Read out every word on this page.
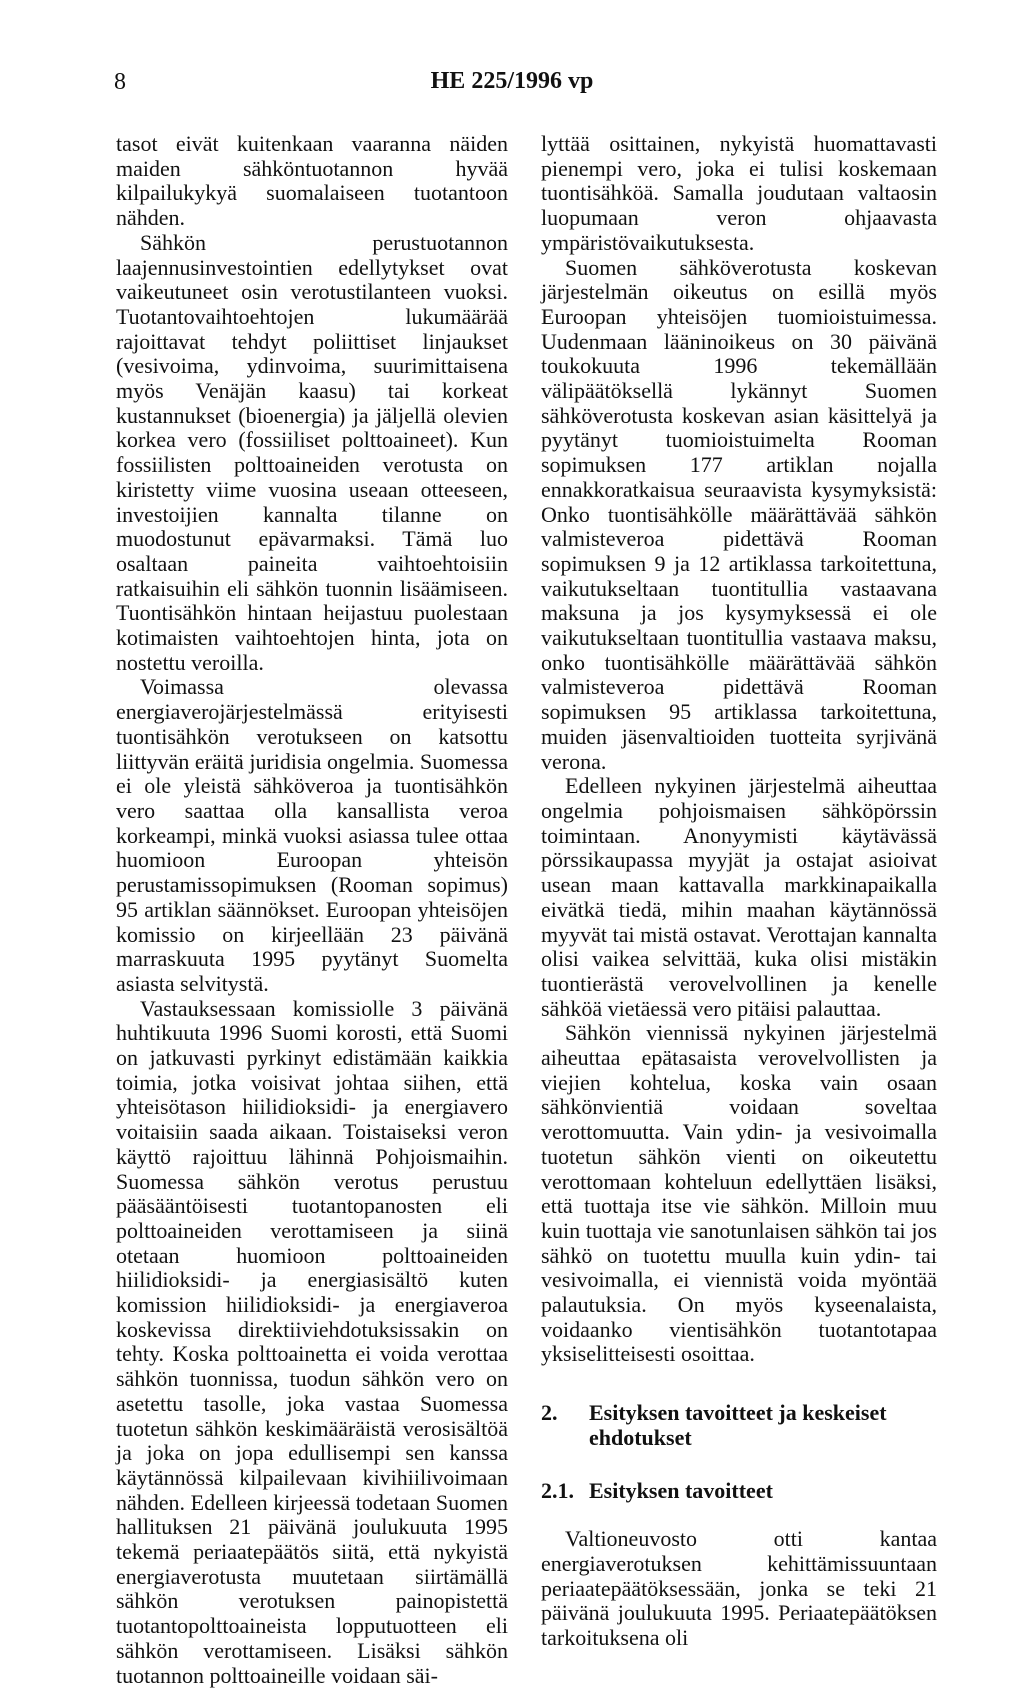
8	HE 225/1996 vp

tasot eivät kuitenkaan vaaranna näiden maiden sähköntuotannon hyvää kilpailukykyä suomalaiseen tuotantoon nähden.

Sähkön perustuotannon laajennusinvestointien edellytykset ovat vaikeutuneet osin verotustilanteen vuoksi. Tuotantovaihtoehtojen lukumäärää rajoittavat tehdyt poliittiset linjaukset (vesivoima, ydinvoima, suurimittaisena myös Venäjän kaasu) tai korkeat kustannukset (bioenergia) ja jäljellä olevien korkea vero (fossiiliset polttoaineet). Kun fossiilisten polttoaineiden verotusta on kiristetty viime vuosina useaan otteeseen, investoijien kannalta tilanne on muodostunut epävarmaksi. Tämä luo osaltaan paineita vaihtoehtoisiin ratkaisuihin eli sähkön tuonnin lisäämiseen. Tuontisähkön hintaan heijastuu puolestaan kotimaisten vaihtoehtojen hinta, jota on nostettu veroilla.

Voimassa olevassa energiaverojärjestelmässä erityisesti tuontisähkön verotukseen on katsottu liittyvän eräitä juridisia ongelmia. Suomessa ei ole yleistä sähköveroa ja tuontisähkön vero saattaa olla kansallista veroa korkeampi, minkä vuoksi asiassa tulee ottaa huomioon Euroopan yhteisön perustamissopimuksen (Rooman sopimus) 95 artiklan säännökset. Euroopan yhteisöjen komissio on kirjeellään 23 päivänä marraskuuta 1995 pyytänyt Suomelta asiasta selvitystä.

Vastauksessaan komissiolle 3 päivänä huhtikuuta 1996 Suomi korosti, että Suomi on jatkuvasti pyrkinyt edistämään kaikkia toimia, jotka voisivat johtaa siihen, että yhteisötason hiilidioksidi- ja energiavero voitaisiin saada aikaan. Toistaiseksi veron käyttö rajoittuu lähinnä Pohjoismaihin. Suomessa sähkön verotus perustuu pääsääntöisesti tuotantopanosten eli polttoaineiden verottamiseen ja siinä otetaan huomioon polttoaineiden hiilidioksidi- ja energiasisältö kuten komission hiilidioksidi- ja energiaveroa koskevissa direktiiviehdotuksissakin on tehty. Koska polttoainetta ei voida verottaa sähkön tuonnissa, tuodun sähkön vero on asetettu tasolle, joka vastaa Suomessa tuotetun sähkön keskimääräistä verosisältöä ja joka on jopa edullisempi sen kanssa käytännössä kilpailevaan kivihiilivoimaan nähden. Edelleen kirjeessä todetaan Suomen hallituksen 21 päivänä joulukuuta 1995 tekemä periaatepäätös siitä, että nykyistä energiaverotusta muutetaan siirtämällä sähkön verotuksen painopistettä tuotantopolttoaineista lopputuotteen eli sähkön verottamiseen. Lisäksi sähkön tuotannon polttoaineille voidaan säi-

lyttää osittainen, nykyistä huomattavasti pienempi vero, joka ei tulisi koskemaan tuontisähköä. Samalla joudutaan valtaosin luopumaan veron ohjaavasta ympäristövaikutuksesta.

Suomen sähköverotusta koskevan järjestelmän oikeutus on esillä myös Euroopan yhteisöjen tuomioistuimessa. Uudenmaan lääninoikeus on 30 päivänä toukokuuta 1996 tekemällään välipäätöksellä lykännyt Suomen sähköverotusta koskevan asian käsittelyä ja pyytänyt tuomioistuimelta Rooman sopimuksen 177 artiklan nojalla ennakkoratkaisua seuraavista kysymyksistä: Onko tuontisähkölle määrättävää sähkön valmisteveroa pidettävä Rooman sopimuksen 9 ja 12 artiklassa tarkoitettuna, vaikutukseltaan tuontitullia vastaavana maksuna ja jos kysymyksessä ei ole vaikutukseltaan tuontitullia vastaava maksu, onko tuontisähkölle määrättävää sähkön valmisteveroa pidettävä Rooman sopimuksen 95 artiklassa tarkoitettuna, muiden jäsenvaltioiden tuotteita syrjivänä verona.

Edelleen nykyinen järjestelmä aiheuttaa ongelmia pohjoismaisen sähköpörssin toimintaan. Anonyymisti käytävässä pörssikaupassa myyjät ja ostajat asioivat usean maan kattavalla markkinapaikalla eivätkä tiedä, mihin maahan käytännössä myyvät tai mistä ostavat. Verottajan kannalta olisi vaikea selvittää, kuka olisi mistäkin tuontierästä verovelvollinen ja kenelle sähköä vietäessä vero pitäisi palauttaa.

Sähkön viennissä nykyinen järjestelmä aiheuttaa epätasaista verovelvollisten ja viejien kohtelua, koska vain osaan sähkönvientiä voidaan soveltaa verottomuutta. Vain ydin- ja vesivoimalla tuotetun sähkön vienti on oikeutettu verottomaan kohteluun edellyttäen lisäksi, että tuottaja itse vie sähkön. Milloin muu kuin tuottaja vie sanotunlaisen sähkön tai jos sähkö on tuotettu muulla kuin ydin- tai vesivoimalla, ei viennistä voida myöntää palautuksia. On myös kyseenalaista, voidaanko vientisähkön tuotantotapaa yksiselitteisesti osoittaa.

2.	Esityksen tavoitteet ja keskeiset ehdotukset
2.1. Esityksen tavoitteet

Valtioneuvosto otti kantaa energiaverotuksen kehittämissuuntaan periaatepäätöksessään, jonka se teki 21 päivänä joulukuuta 1995. Periaatepäätöksen tarkoituksena oli
